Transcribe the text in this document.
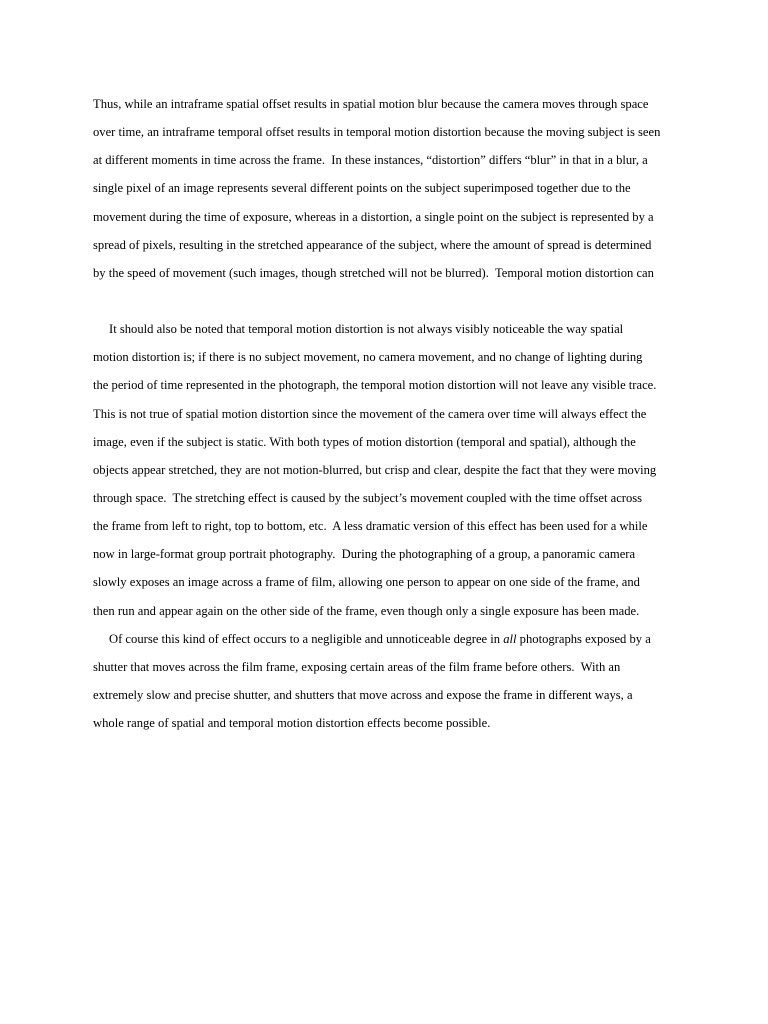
Thus, while an intraframe spatial offset results in spatial motion blur because the camera moves through space
over time, an intraframe temporal offset results in temporal motion distortion because the moving subject is seen
at different moments in time across the frame.  In these instances, “distortion” differs “blur” in that in a blur, a
single pixel of an image represents several different points on the subject superimposed together due to the
movement during the time of exposure, whereas in a distortion, a single point on the subject is represented by a
spread of pixels, resulting in the stretched appearance of the subject, where the amount of spread is determined
by the speed of movement (such images, though stretched will not be blurred).  Temporal motion distortion can
It should also be noted that temporal motion distortion is not always visibly noticeable the way spatial
motion distortion is; if there is no subject movement, no camera movement, and no change of lighting during
the period of time represented in the photograph, the temporal motion distortion will not leave any visible trace.
This is not true of spatial motion distortion since the movement of the camera over time will always effect the
image, even if the subject is static. With both types of motion distortion (temporal and spatial), although the
objects appear stretched, they are not motion-blurred, but crisp and clear, despite the fact that they were moving
through space.  The stretching effect is caused by the subject’s movement coupled with the time offset across
the frame from left to right, top to bottom, etc.  A less dramatic version of this effect has been used for a while
now in large-format group portrait photography.  During the photographing of a group, a panoramic camera
slowly exposes an image across a frame of film, allowing one person to appear on one side of the frame, and
then run and appear again on the other side of the frame, even though only a single exposure has been made.
Of course this kind of effect occurs to a negligible and unnoticeable degree in all photographs exposed by a
shutter that moves across the film frame, exposing certain areas of the film frame before others.  With an
extremely slow and precise shutter, and shutters that move across and expose the frame in different ways, a
whole range of spatial and temporal motion distortion effects become possible.
